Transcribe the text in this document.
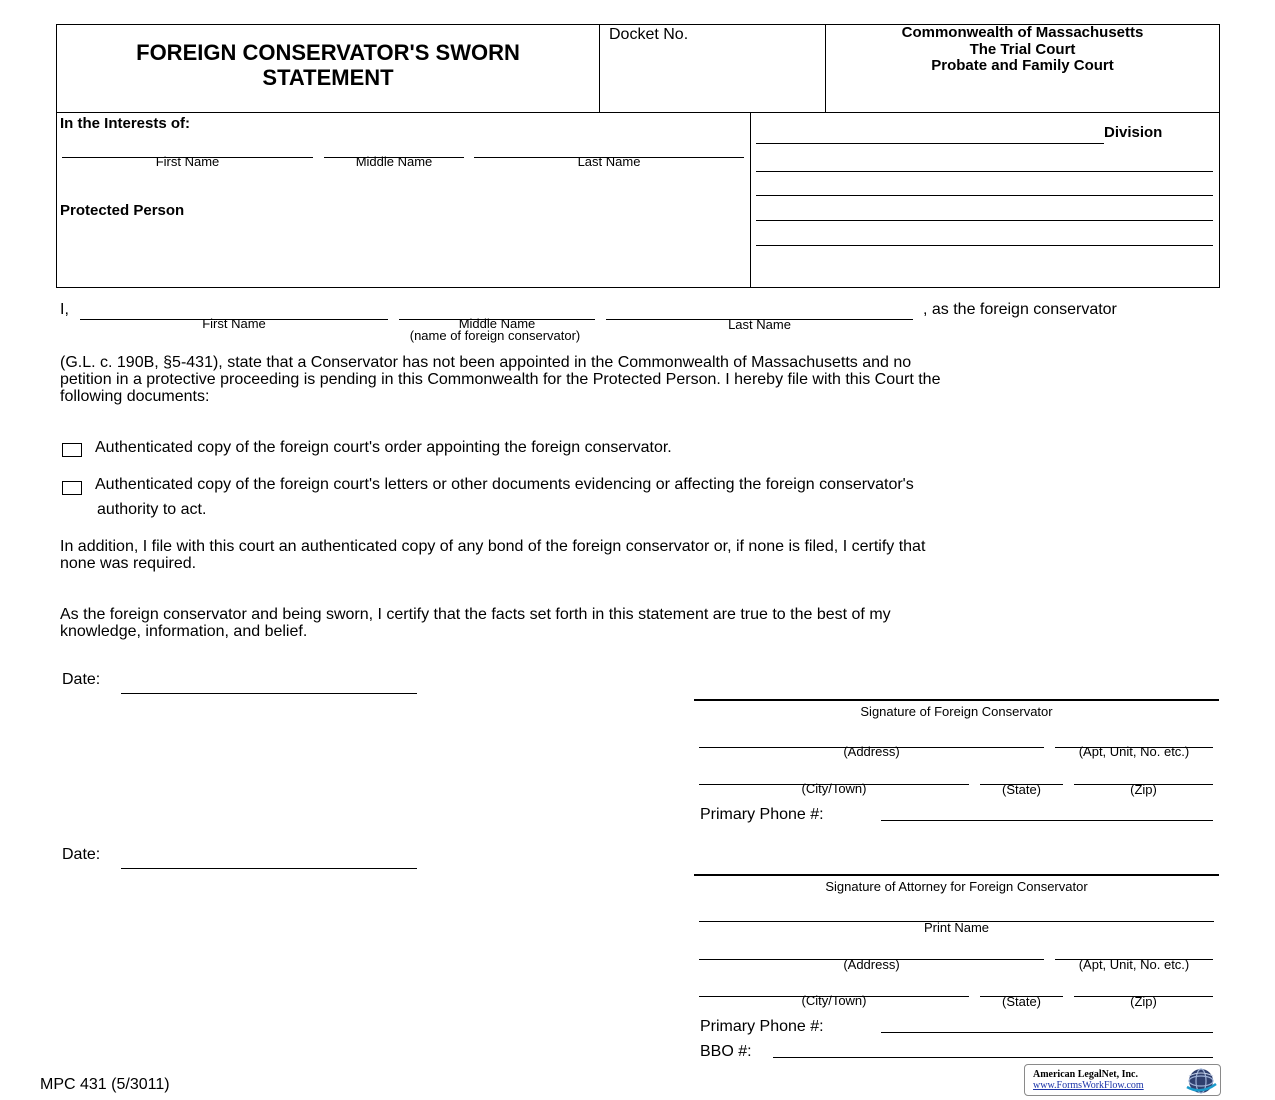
FOREIGN CONSERVATOR'S SWORN
STATEMENT
Docket No.	Commonwealth of Massachusetts
The Trial Court
Probate and Family Court
In the Interests of:
First Name	Middle Name	Last Name
Protected Person
Division
I,
First Name	Middle Name
(name of foreign conservator)
Last Name
, as the foreign conservator
(G.L. c. 190B, §5-431), state that a Conservator has not been appointed in the Commonwealth of Massachusetts and no
petition in a protective proceeding is pending in this Commonwealth for the Protected Person. I hereby file with this Court the
following documents:
Authenticated copy of the foreign court's order appointing the foreign conservator.
Authenticated copy of the foreign court's letters or other documents evidencing or affecting the foreign conservator's
authority to act.
In addition, I file with this court an authenticated copy of any bond of the foreign conservator or, if none is filed, I certify that
none was required.
As the foreign conservator and being sworn, I certify that the facts set forth in this statement are true to the best of my
knowledge, information, and belief.
Date:
Signature of Foreign Conservator
(Address)	(Apt, Unit, No. etc.)
(City/Town)	(State)	(Zip)
Primary Phone #:
Date:
Signature of Attorney for Foreign Conservator
Print Name
(Address)	(Apt, Unit, No. etc.)
(City/Town)	(State)	(Zip)
Primary Phone #:
BBO #:
MPC 431 (5/3011)
American LegalNet, Inc.
www.FormsWorkFlow.com
